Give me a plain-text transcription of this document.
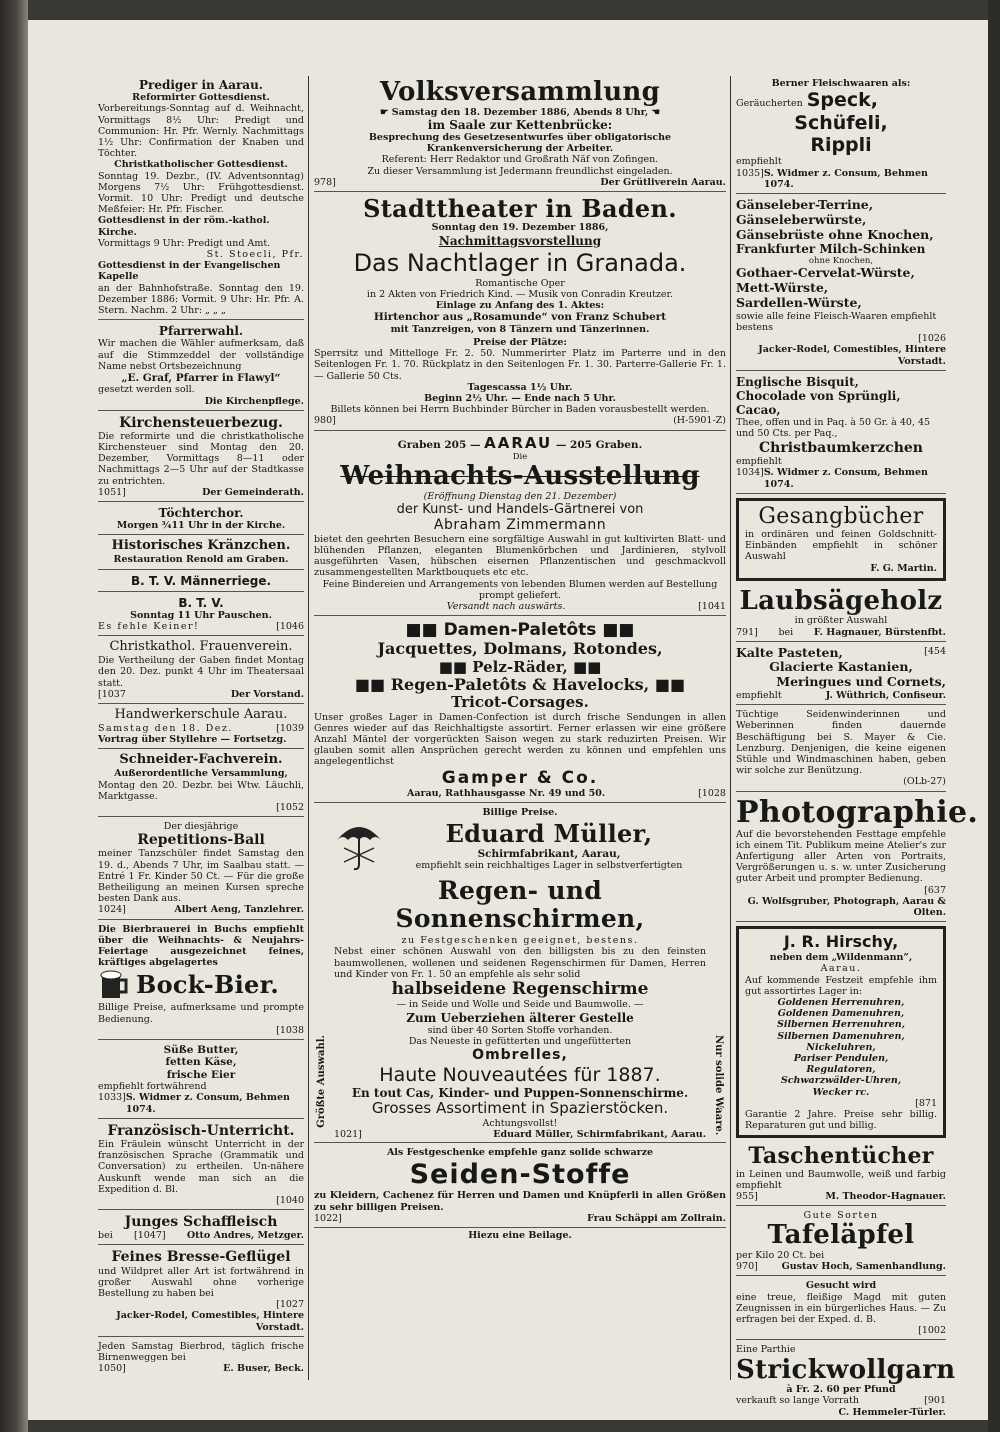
Prediger in Aarau.
Reformirter Gottesdienst.
Vorbereitungs-Sonntag auf d. Weihnacht, Vormittags 8½ Uhr: Predigt und Communion: Hr. Pfr. Wernly. Nachmittags 1½ Uhr: Confirmation der Knaben und Töchter.
Christkatholischer Gottesdienst.
Sonntag 19. Dezbr., (IV. Adventsonntag) Morgens 7½ Uhr: Frühgottesdienst. Vormit. 10 Uhr: Predigt und deutsche Meßfeier: Hr. Pfr. Fischer.
Gottesdienst in der röm.-kathol. Kirche.
Vormittags 9 Uhr: Predigt und Amt.
St. Stoecli, Pfr.
Gottesdienst in der Evangelischen Kapelle
an der Bahnhofstraße. Sonntag den 19. Dezember 1886: Vormit. 9 Uhr: Hr. Pfr. A. Stern. Nachm. 2 Uhr: „ „ „
Pfarrerwahl.
Wir machen die Wähler aufmerksam, daß auf die Stimmzeddel der vollständige Name nebst Ortsbezeichnung
„E. Graf, Pfarrer in Flawyl“
gesetzt werden soll.
Die Kirchenpflege.
Kirchensteuerbezug.
Die reformirte und die christkatholische Kirchensteuer sind Montag den 20. Dezember, Vormittags 8—11 oder Nachmittags 2—5 Uhr auf der Stadtkasse zu entrichten.
1051]	Der Gemeinderath.
Töchterchor.
Morgen ¾11 Uhr in der Kirche.
Historisches Kränzchen.
Restauration Renold am Graben.
B. T. V. Männerriege.
B. T. V.
Sonntag 11 Uhr Pauschen.
Es fehle Keiner!	[1046
Christkathol. Frauenverein.
Die Vertheilung der Gaben findet Montag den 20. Dez. punkt 4 Uhr im Theatersaal statt.
[1037	Der Vorstand.
Handwerkerschule Aarau.
Samstag den 18. Dez.	[1039
Vortrag über Styllehre — Fortsetzg.
Schneider-Fachverein.
Außerordentliche Versammlung,
Montag den 20. Dezbr. bei Wtw. Läuchli, Marktgasse.
[1052
Der diesjährige
Repetitions-Ball
meiner Tanzschüler findet Samstag den 19. d., Abends 7 Uhr, im Saalbau statt. — Entré 1 Fr. Kinder 50 Ct. — Für die große Betheiligung an meinen Kursen spreche besten Dank aus.
1024]	Albert Aeng, Tanzlehrer.
Die Bierbrauerei in Buchs empfiehlt über die Weihnachts- & Neujahrs-Feiertage ausgezeichnet feines, kräftiges abgelagertes
Bock-Bier.
Billige Preise, aufmerksame und prompte Bedienung.
[1038
Süße Butter,
fetten Käse,
frische Eier
empfiehlt fortwährend
1033] S. Widmer z. Consum, Behmen 1074.
Französisch-Unterricht.
Ein Fräulein wünscht Unterricht in der französischen Sprache (Grammatik und Conversation) zu ertheilen. Un-nähere Auskunft wende man sich an die Expedition d. Bl.
[1040
Junges Schaffleisch
bei [1047] Otto Andres, Metzger.
Feines Bresse-Geflügel
und Wildpret aller Art ist fortwährend in großer Auswahl ohne vorherige Bestellung zu haben bei
[1027
Jacker-Rodel, Comestibles, Hintere Vorstadt.
Jeden Samstag Bierbrod, täglich frische Birnenweggen bei
1050]	E. Buser, Beck.
Volksversammlung
☛ Samstag den 18. Dezember 1886, Abends 8 Uhr, ☚
im Saale zur Kettenbrücke:
Besprechung des Gesetzesentwurfes über obligatorische Krankenversicherung der Arbeiter.
Referent: Herr Redaktor und Großrath Näf von Zofingen.
Zu dieser Versammlung ist Jedermann freundlichst eingeladen.
978]	Der Grütliverein Aarau.
Stadttheater in Baden.
Sonntag den 19. Dezember 1886,
Nachmittagsvorstellung
Das Nachtlager in Granada.
Romantische Oper
in 2 Akten von Friedrich Kind. — Musik von Conradin Kreutzer.
Einlage zu Anfang des 1. Aktes:
Hirtenchor aus „Rosamunde“ von Franz Schubert
mit Tanzreigen, von 8 Tänzern und Tänzerinnen.
Preise der Plätze:
Sperrsitz und Mittelloge Fr. 2. 50. Nummerirter Platz im Parterre und in den Seitenlogen Fr. 1. 70. Rückplatz in den Seitenlogen Fr. 1. 30. Parterre-Gallerie Fr. 1. — Gallerie 50 Cts.
Tagescassa 1½ Uhr.
Beginn 2½ Uhr. — Ende nach 5 Uhr.
Billets können bei Herrn Buchbinder Bürcher in Baden vorausbestellt werden.
980]	(H-5901-Z)
Graben 205 — AARAU — 205 Graben.
Die
Weihnachts-Ausstellung
(Eröffnung Dienstag den 21. Dezember)
der Kunst- und Handels-Gärtnerei von
Abraham Zimmermann
bietet den geehrten Besuchern eine sorgfältige Auswahl in gut kultivirten Blatt- und blühenden Pflanzen, eleganten Blumenkörbchen und Jardinieren, stylvoll ausgeführten Vasen, hübschen eisernen Pflanzentischen und geschmackvoll zusammengestellten Marktbouquets etc etc.
Feine Bindereien und Arrangements von lebenden Blumen werden auf Bestellung prompt geliefert.
Versandt nach auswärts.	[1041
■■ Damen-Paletôts ■■
Jacquettes, Dolmans, Rotondes,
■■ Pelz-Räder, ■■
■■ Regen-Paletôts & Havelocks, ■■
Tricot-Corsages.
Unser großes Lager in Damen-Confection ist durch frische Sendungen in allen Genres wieder auf das Reichhaltigste assortirt. Ferner erlassen wir eine größere Anzahl Mäntel der vorgerückten Saison wegen zu stark reduzirten Preisen. Wir glauben somit allen Ansprüchen gerecht werden zu können und empfehlen uns angelegentlichst
Gamper & Co.
Aarau, Rathhausgasse Nr. 49 und 50.	[1028
Größte Auswahl.	Nur solide Waare.
Billige Preise.
Eduard Müller,
Schirmfabrikant, Aarau,
empfiehlt sein reichhaltiges Lager in selbstverfertigten
Regen- und Sonnenschirmen,
zu Festgeschenken geeignet, bestens.
Nebst einer schönen Auswahl von den billigsten bis zu den feinsten baumwollenen, wollenen und seidenen Regenschirmen für Damen, Herren und Kinder von Fr. 1. 50 an empfehle als sehr solid
halbseidene Regenschirme
— in Seide und Wolle und Seide und Baumwolle. —
Zum Ueberziehen älterer Gestelle
sind über 40 Sorten Stoffe vorhanden.
Das Neueste in gefütterten und ungefütterten
Ombrelles,
Haute Nouveautées für 1887.
En tout Cas, Kinder- und Puppen-Sonnenschirme.
Grosses Assortiment in Spazierstöcken.
Achtungsvollst!
1021]	Eduard Müller, Schirmfabrikant, Aarau.
Als Festgeschenke empfehle ganz solide schwarze
Seiden-Stoffe
zu Kleidern, Cachenez für Herren und Damen und Knüpferli in allen Größen zu sehr billigen Preisen.
1022]	Frau Schäppi am Zollrain.
Hiezu eine Beilage.
Berner Fleischwaaren als:
Geräucherten Speck,
Schüfeli,
Rippli
empfiehlt
1035] S. Widmer z. Consum, Behmen 1074.
Gänseleber-Terrine,
Gänseleberwürste,
Gänsebrüste ohne Knochen,
Frankfurter Milch-Schinken
ohne Knochen,
Gothaer-Cervelat-Würste,
Mett-Würste,
Sardellen-Würste,
sowie alle feine Fleisch-Waaren empfiehlt bestens
[1026
Jacker-Rodel, Comestibles, Hintere Vorstadt.
Englische Bisquit,
Chocolade von Sprüngli,
Cacao,
Thee, offen und in Paq. à 50 Gr. à 40, 45 und 50 Cts. per Paq.,
Christbaumkerzchen
empfiehlt
1034] S. Widmer z. Consum, Behmen 1074.
Gesangbücher
in ordinären und feinen Goldschnitt-Einbänden empfiehlt in schöner Auswahl
F. G. Martin.
Laubsägeholz
in größter Auswahl
791] bei F. Hagnauer, Bürstenfbt.
Kalte Pasteten,	[454
Glacierte Kastanien,
Meringues und Cornets,
empfiehlt	J. Wüthrich, Confiseur.
Tüchtige Seidenwinderinnen und Weberinnen finden dauernde Beschäftigung bei S. Mayer & Cie. Lenzburg. Denjenigen, die keine eigenen Stühle und Windmaschinen haben, geben wir solche zur Benützung.
(OLb-27)
Photographie.
Auf die bevorstehenden Festtage empfehle ich einem Tit. Publikum meine Atelier's zur Anfertigung aller Arten von Portraits, Vergrößerungen u. s. w. unter Zusicherung guter Arbeit und prompter Bedienung.
[637
G. Wolfsgruber, Photograph, Aarau & Olten.
J. R. Hirschy,
neben dem „Wildenmann“,
Aarau.
Auf kommende Festzeit empfehle ihm gut assortirtes Lager in:
Goldenen Herrenuhren,
Goldenen Damenuhren,
Silbernen Herrenuhren,
Silbernen Damenuhren,
Nickeluhren,
Pariser Pendulen,
Regulatoren,
Schwarzwälder-Uhren,
Wecker rc.
[871
Garantie 2 Jahre. Preise sehr billig. Reparaturen gut und billig.
Taschentücher
in Leinen und Baumwolle, weiß und farbig empfiehlt
955]	M. Theodor-Hagnauer.
Gute Sorten
Tafeläpfel
per Kilo 20 Ct. bei
970]	Gustav Hoch, Samenhandlung.
Gesucht wird
eine treue, fleißige Magd mit guten Zeugnissen in ein bürgerliches Haus. — Zu erfragen bei der Exped. d. B.
[1002
Eine Parthie
Strickwollgarn
à Fr. 2. 60 per Pfund
verkauft so lange Vorrath	[901
C. Hemmeler-Türler.
